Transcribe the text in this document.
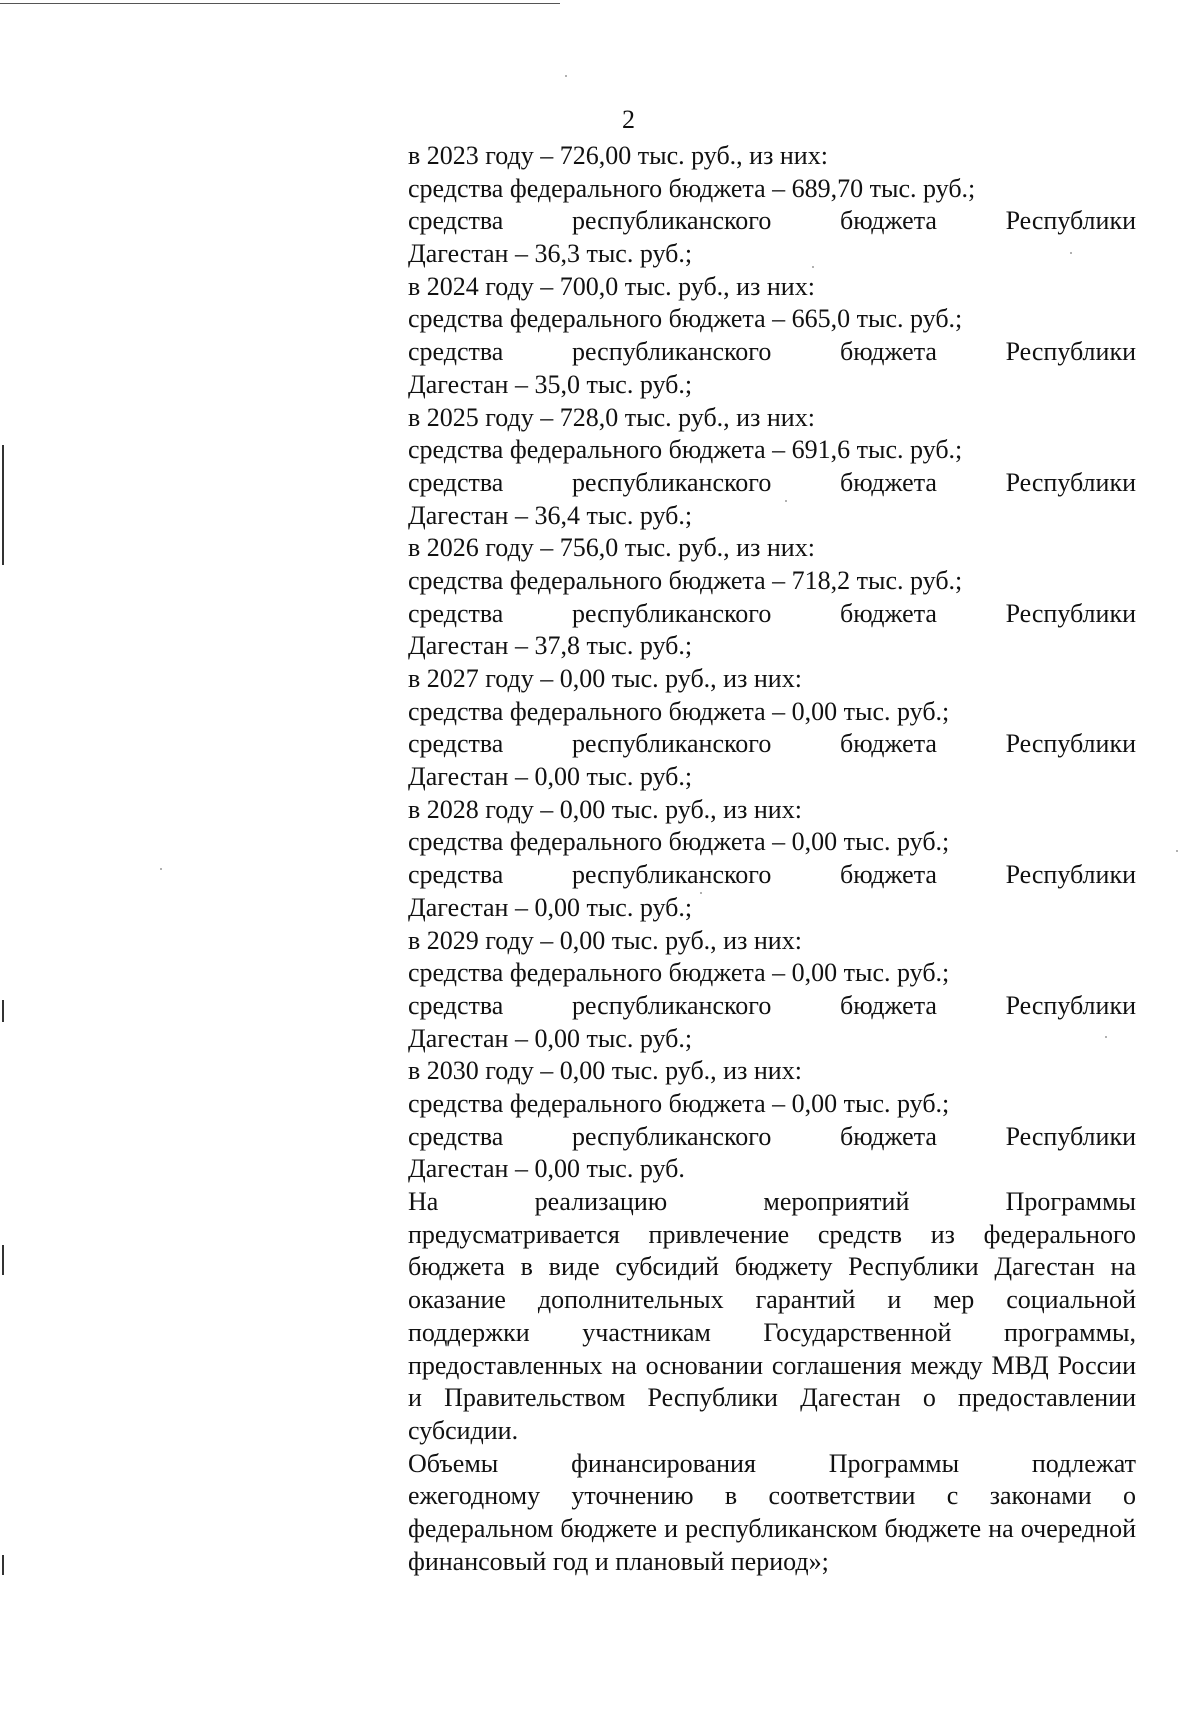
2
в 2023 году – 726,00 тыс. руб., из них:
средства федерального бюджета – 689,70 тыс. руб.;
средства	республиканского	бюджета	Республики
Дагестан – 36,3 тыс. руб.;
в 2024 году – 700,0 тыс. руб., из них:
средства федерального бюджета – 665,0 тыс. руб.;
средства	республиканского	бюджета	Республики
Дагестан – 35,0 тыс. руб.;
в 2025 году – 728,0 тыс. руб., из них:
средства федерального бюджета – 691,6 тыс. руб.;
средства	республиканского	бюджета	Республики
Дагестан – 36,4 тыс. руб.;
в 2026 году – 756,0 тыс. руб., из них:
средства федерального бюджета – 718,2 тыс. руб.;
средства	республиканского	бюджета	Республики
Дагестан – 37,8 тыс. руб.;
в 2027 году – 0,00 тыс. руб., из них:
средства федерального бюджета – 0,00 тыс. руб.;
средства	республиканского	бюджета	Республики
Дагестан – 0,00 тыс. руб.;
в 2028 году – 0,00 тыс. руб., из них:
средства федерального бюджета – 0,00 тыс. руб.;
средства	республиканского	бюджета	Республики
Дагестан – 0,00 тыс. руб.;
в 2029 году – 0,00 тыс. руб., из них:
средства федерального бюджета – 0,00 тыс. руб.;
средства	республиканского	бюджета	Республики
Дагестан – 0,00 тыс. руб.;
в 2030 году – 0,00 тыс. руб., из них:
средства федерального бюджета – 0,00 тыс. руб.;
средства	республиканского	бюджета	Республики
Дагестан – 0,00 тыс. руб.
На	реализацию	мероприятий	Программы
предусматривается привлечение средств из федерального бюджета в виде субсидий бюджету Республики Дагестан на оказание дополнительных гарантий и мер социальной поддержки участникам Государственной программы, предоставленных на основании соглашения между МВД России и Правительством Республики Дагестан о предоставлении субсидии.
Объемы	финансирования	Программы	подлежат
ежегодному уточнению в соответствии с законами о федеральном бюджете и республиканском бюджете на очередной финансовый год и плановый период»;
